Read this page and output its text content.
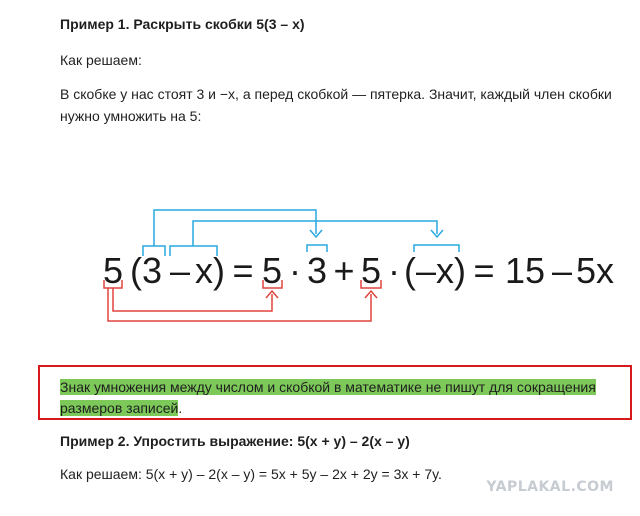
Пример 1. Раскрыть скобки 5(3 – x)

Как решаем:

В скобке у нас стоят 3 и −x, а перед скобкой — пятерка. Значит, каждый член скобки нужно умножить на 5:

5 (3 – x) = 5 · 3 + 5 · (–x) = 15 – 5x

Знак умножения между числом и скобкой в математике не пишут для сокращения размеров записей.

Пример 2. Упростить выражение: 5(x + y) – 2(x – y)

Как решаем: 5(x + y) – 2(x – y) = 5x + 5y – 2x + 2y = 3x + 7y.

YAPLAKAL.COM
